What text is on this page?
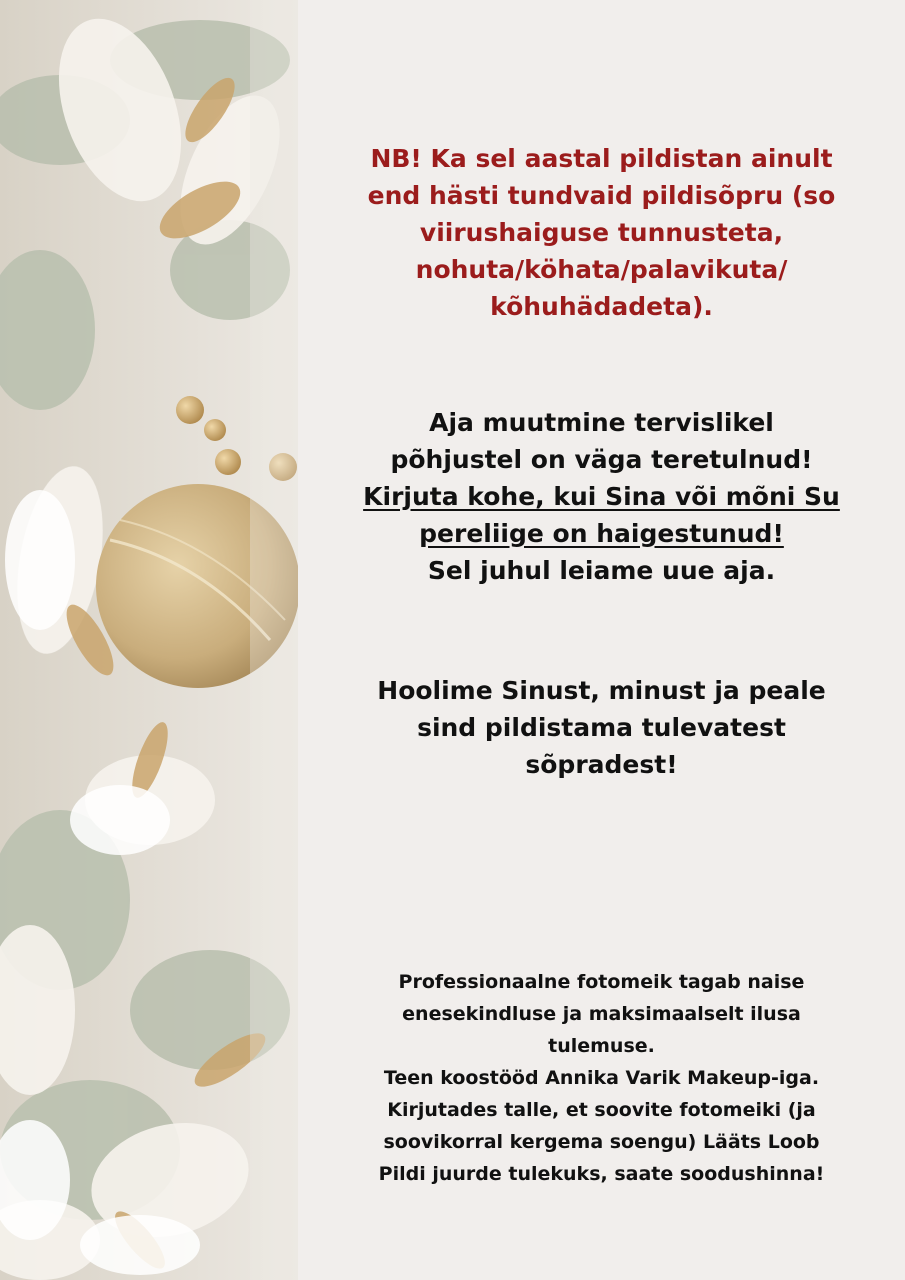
NB! Ka sel aastal pildistan ainult
end hästi tundvaid pildisõpru (so
viirushaiguse tunnusteta,
nohuta/köhata/palavikuta/
kõhuhädadeta).

Aja muutmine tervislikel
põhjustel on väga teretulnud!
Kirjuta kohe, kui Sina või mõni Su
pereliige on haigestunud!
Sel juhul leiame uue aja.

Hoolime Sinust, minust ja peale
sind pildistama tulevatest
sõpradest!

Professionaalne fotomeik tagab naise
enesekindluse ja maksimaalselt ilusa
tulemuse.
Teen koostööd Annika Varik Makeup-iga.
Kirjutades talle, et soovite fotomeiki (ja
soovikorral kergema soengu) Lääts Loob
Pildi juurde tulekuks, saate soodushinna!
